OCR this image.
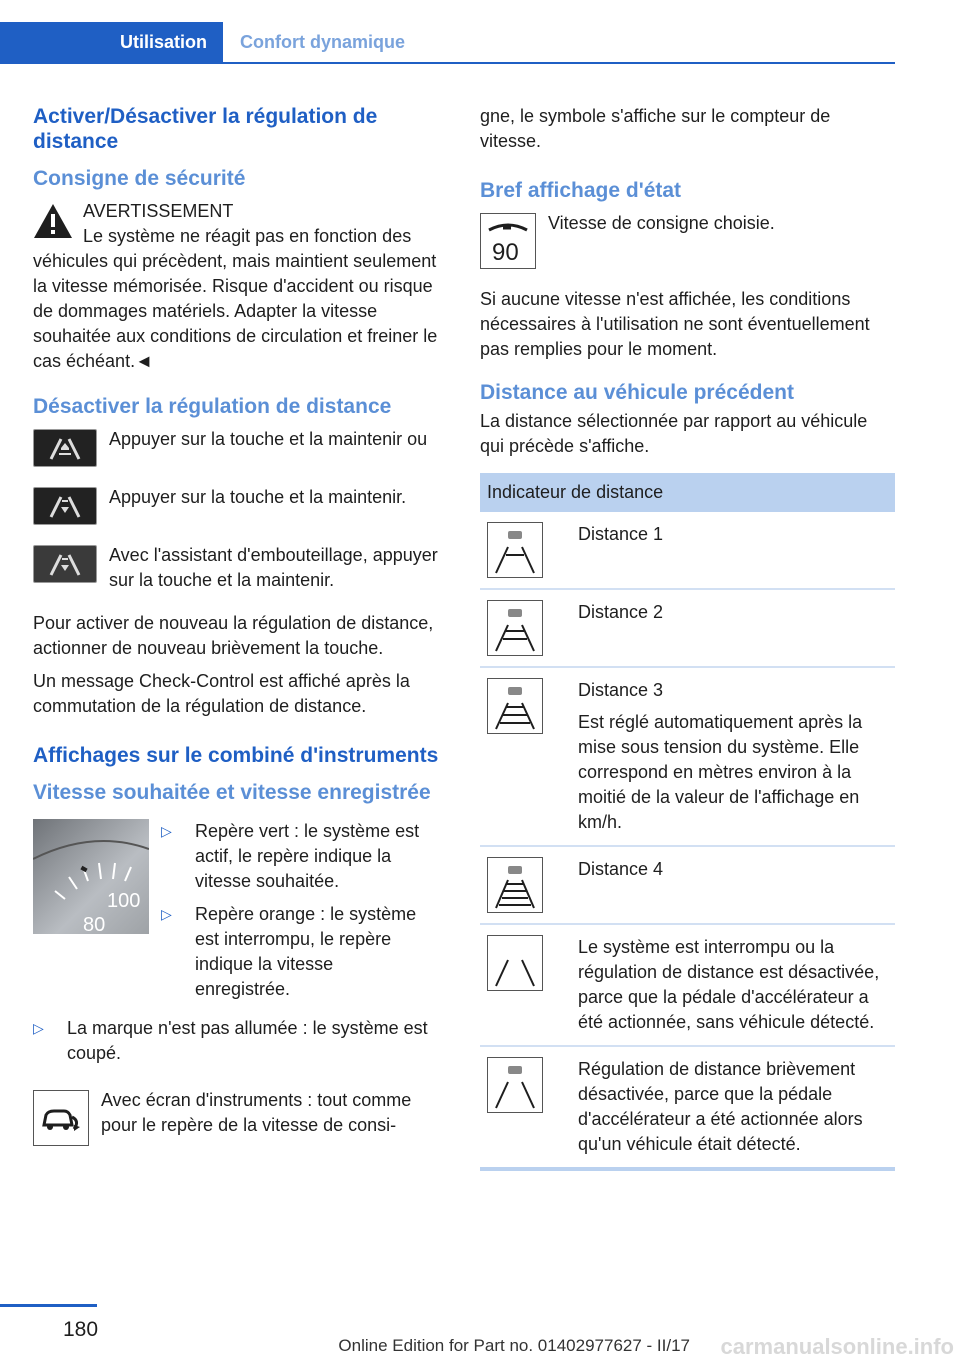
Utilisation	Confort dynamique
Activer/Désactiver la régulation de distance
Consigne de sécurité

AVERTISSEMENT

Le système ne réagit pas en fonction des véhicules qui précèdent, mais maintient seulement la vitesse mémorisée. Risque d'accident ou risque de dommages matériels. Adapter la vitesse souhaitée aux conditions de circulation et freiner le cas échéant.◄

Désactiver la régulation de distance

Appuyer sur la touche et la maintenir ou

Appuyer sur la touche et la maintenir.

Avec l'assistant d'embouteillage, appuyer sur la touche et la maintenir.

Pour activer de nouveau la régulation de distance, actionner de nouveau brièvement la touche.

Un message Check-Control est affiché après la commutation de la régulation de distance.

Affichages sur le combiné d'instruments
Vitesse souhaitée et vitesse enregistrée
100
80
▷ Repère vert : le système est actif, le repère indique la vitesse souhaitée.
▷ Repère orange : le système est interrompu, le repère indique la vitesse enregistrée.
▷ La marque n'est pas allumée : le système est coupé.

Avec écran d'instruments : tout comme pour le repère de la vitesse de consi-

gne, le symbole s'affiche sur le compteur de vitesse.

Bref affichage d'état
90

Vitesse de consigne choisie.

Si aucune vitesse n'est affichée, les conditions nécessaires à l'utilisation ne sont éventuellement pas remplies pour le moment.

Distance au véhicule précédent

La distance sélectionnée par rapport au véhicule qui précède s'affiche.

Indicateur de distance	

Distance 1

Distance 2

Distance 3

Est réglé automatiquement après la mise sous tension du système. Elle correspond en mètres environ à la moitié de la valeur de l'affichage en km/h.

Distance 4

Le système est interrompu ou la régulation de distance est désactivée, parce que la pédale d'accélérateur a été actionnée, sans véhicule détecté.

Régulation de distance brièvement désactivée, parce que la pédale d'accélérateur a été actionnée alors qu'un véhicule était détecté.

180
Online Edition for Part no. 01402977627 - II/17 carmanualsonline.info
